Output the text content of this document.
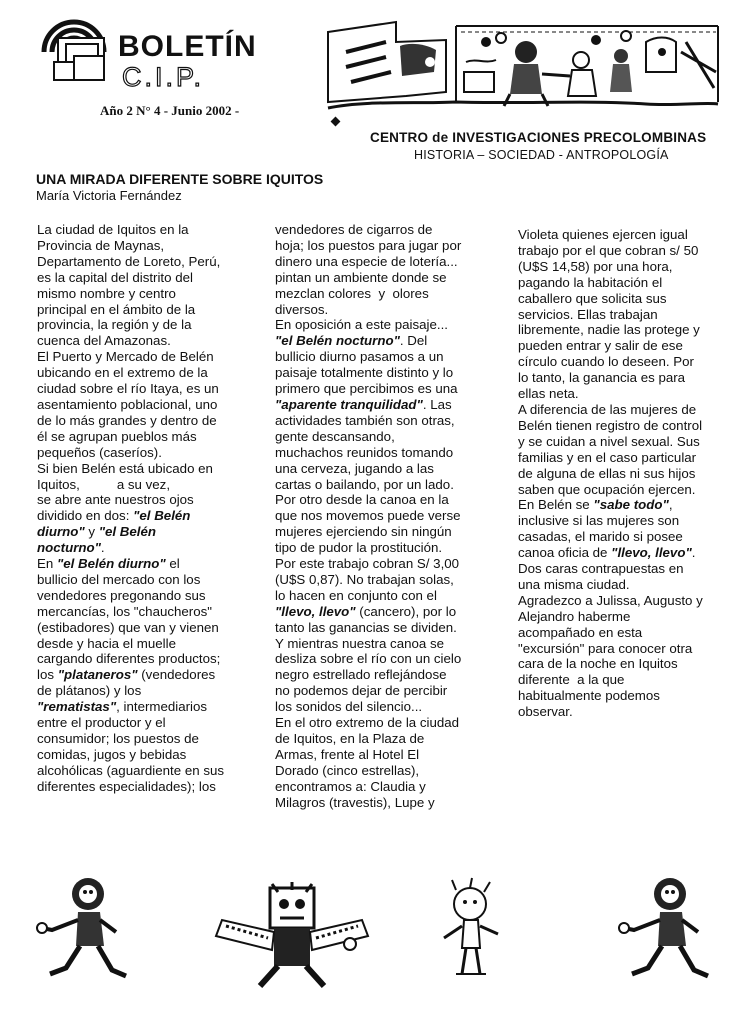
BOLETÍN
C.I.P.
Año 2 N° 4 - Junio 2002 -
CENTRO de INVESTIGACIONES PRECOLOMBINAS
HISTORIA – SOCIEDAD - ANTROPOLOGÍA
UNA MIRADA DIFERENTE SOBRE IQUITOS
María Victoria Fernández

La ciudad de Iquitos en la

Provincia de Maynas,

Departamento de Loreto, Perú,

es la capital del distrito del

mismo nombre y centro

principal en el ámbito de la

provincia, la región y de la

cuenca del Amazonas.

El Puerto y Mercado de Belén

ubicando en el extremo de la

ciudad sobre el río Itaya, es un

asentamiento poblacional, uno

de lo más grandes y dentro de

él se agrupan pueblos más

pequeños (caseríos).

Si bien Belén está ubicado en

Iquitos,          a su vez,

se abre ante nuestros ojos

dividido en dos: "el Belén

diurno" y "el Belén

nocturno".

En "el Belén diurno" el

bullicio del mercado con los

vendedores pregonando sus

mercancías, los "chaucheros"

(estibadores) que van y vienen

desde y hacia el muelle

cargando diferentes productos;

los "plataneros" (vendedores

de plátanos) y los

"rematistas", intermediarios

entre el productor y el

consumidor; los puestos de

comidas, jugos y bebidas

alcohólicas (aguardiente en sus

diferentes especialidades); los

vendedores de cigarros de

hoja; los puestos para jugar por

dinero una especie de lotería...

pintan un ambiente donde se

mezclan colores  y  olores

diversos.

En oposición a este paisaje...

"el Belén nocturno". Del

bullicio diurno pasamos a un

paisaje totalmente distinto y lo

primero que percibimos es una

"aparente tranquilidad". Las

actividades también son otras,

gente descansando,

muchachos reunidos tomando

una cerveza, jugando a las

cartas o bailando, por un lado.

Por otro desde la canoa en la

que nos movemos puede verse

mujeres ejerciendo sin ningún

tipo de pudor la prostitución.

Por este trabajo cobran S/ 3,00

(U$S 0,87). No trabajan solas,

lo hacen en conjunto con el

"llevo, llevo" (cancero), por lo

tanto las ganancias se dividen.

Y mientras nuestra canoa se

desliza sobre el río con un cielo

negro estrellado reflejándose

no podemos dejar de percibir

los sonidos del silencio...

En el otro extremo de la ciudad

de Iquitos, en la Plaza de

Armas, frente al Hotel El

Dorado (cinco estrellas),

encontramos a: Claudia y

Milagros (travestis), Lupe y

Violeta quienes ejercen igual

trabajo por el que cobran s/ 50

(U$S 14,58) por una hora,

pagando la habitación el

caballero que solicita sus

servicios. Ellas trabajan

libremente, nadie las protege y

pueden entrar y salir de ese

círculo cuando lo deseen. Por

lo tanto, la ganancia es para

ellas neta.

A diferencia de las mujeres de

Belén tienen registro de control

y se cuidan a nivel sexual. Sus

familias y en el caso particular

de alguna de ellas ni sus hijos

saben que ocupación ejercen.

En Belén se "sabe todo",

inclusive si las mujeres son

casadas, el marido si posee

canoa oficia de "llevo, llevo".

Dos caras contrapuestas en

una misma ciudad.

Agradezco a Julissa, Augusto y

Alejandro haberme

acompañado en esta

"excursión" para conocer otra

cara de la noche en Iquitos

diferente  a la que

habitualmente podemos

observar.
